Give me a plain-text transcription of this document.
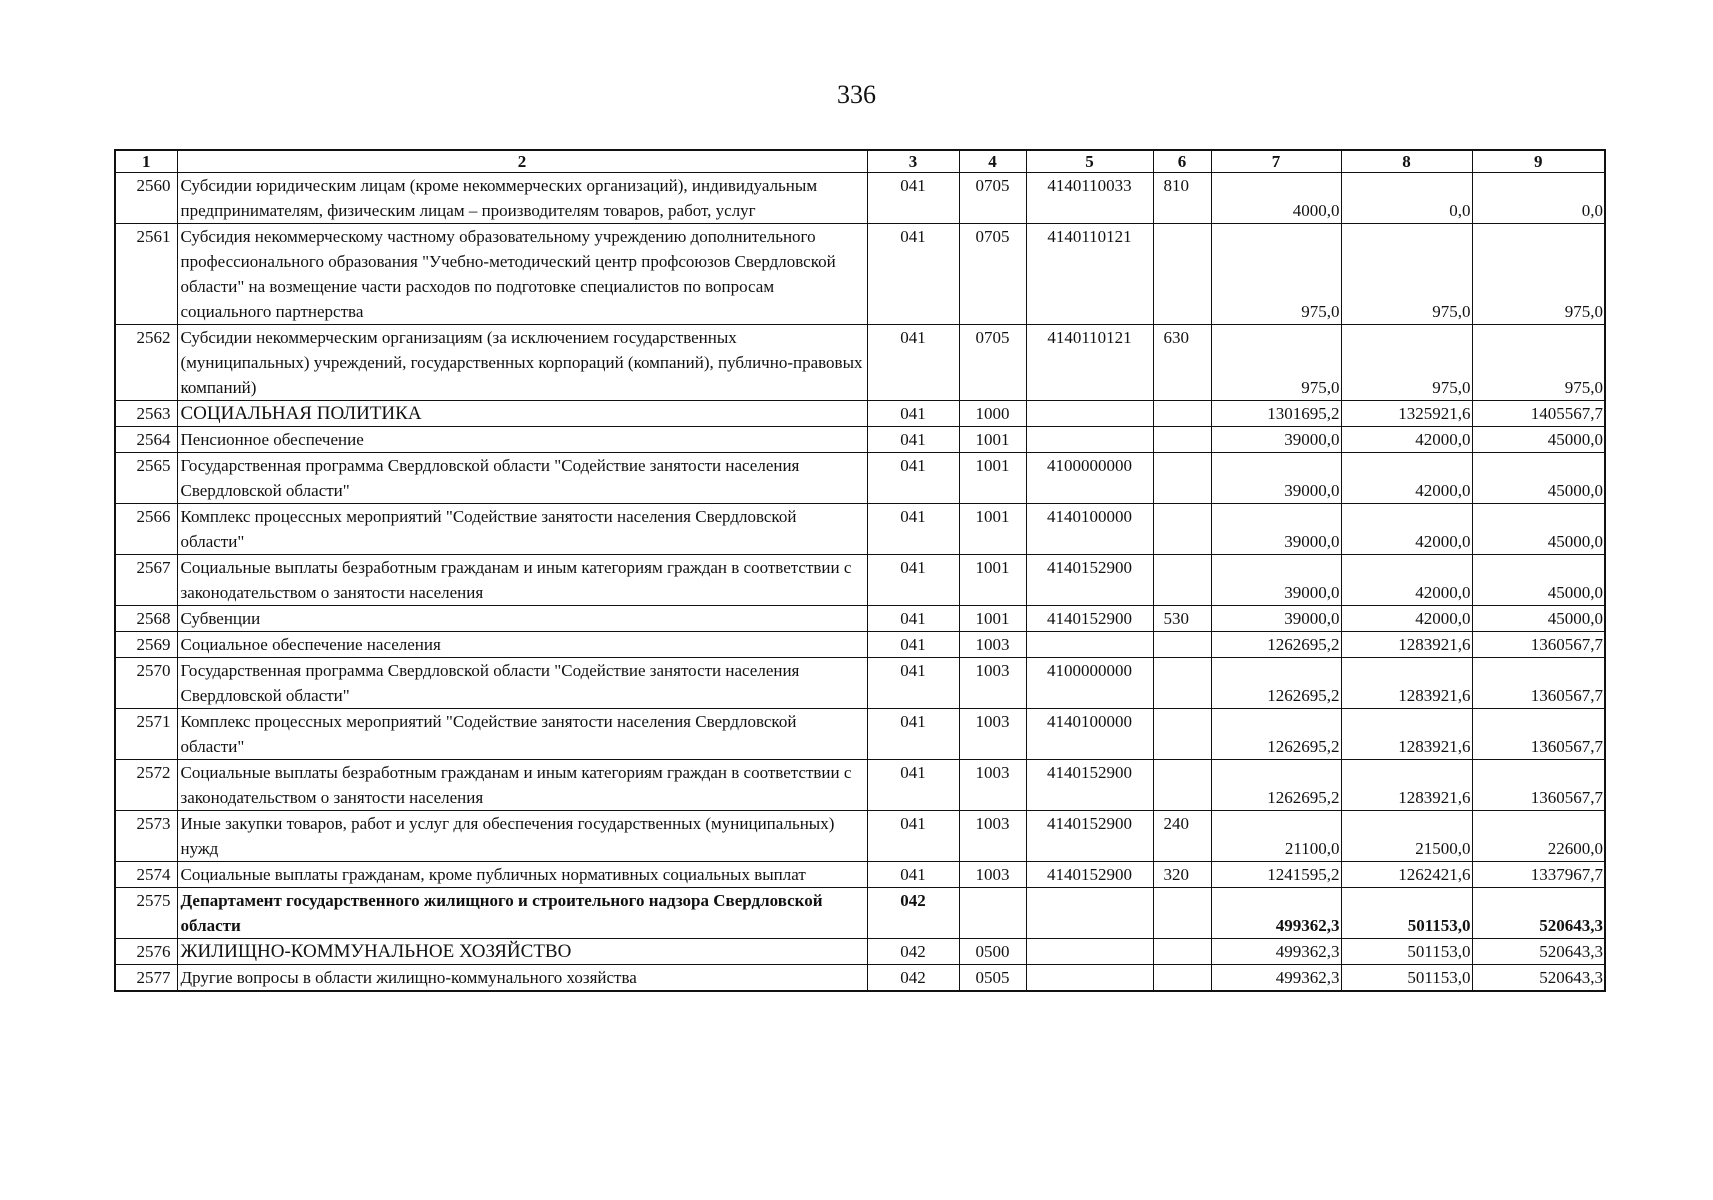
336
1	2	3	4	5	6	7	8	9
2560	Субсидии юридическим лицам (кроме некоммерческих организаций), индивидуальным предпринимателям, физическим лицам – производителям товаров, работ, услуг	041	0705	4140110033	810	4000,0	0,0	0,0
2561	Субсидия некоммерческому частному образовательному учреждению дополнительного профессионального образования "Учебно-методический центр профсоюзов Свердловской области" на возмещение части расходов по подготовке специалистов по вопросам социального партнерства	041	0705	4140110121		975,0	975,0	975,0
2562	Субсидии некоммерческим организациям (за исключением государственных (муниципальных) учреждений, государственных корпораций (компаний), публично-правовых компаний)	041	0705	4140110121	630	975,0	975,0	975,0
2563	СОЦИАЛЬНАЯ ПОЛИТИКА	041	1000			1301695,2	1325921,6	1405567,7
2564	Пенсионное обеспечение	041	1001			39000,0	42000,0	45000,0
2565	Государственная программа Свердловской области "Содействие занятости населения Свердловской области"	041	1001	4100000000		39000,0	42000,0	45000,0
2566	Комплекс процессных мероприятий "Содействие занятости населения Свердловской области"	041	1001	4140100000		39000,0	42000,0	45000,0
2567	Социальные выплаты безработным гражданам и иным категориям граждан в соответствии с законодательством о занятости населения	041	1001	4140152900		39000,0	42000,0	45000,0
2568	Субвенции	041	1001	4140152900	530	39000,0	42000,0	45000,0
2569	Социальное обеспечение населения	041	1003			1262695,2	1283921,6	1360567,7
2570	Государственная программа Свердловской области "Содействие занятости населения Свердловской области"	041	1003	4100000000		1262695,2	1283921,6	1360567,7
2571	Комплекс процессных мероприятий "Содействие занятости населения Свердловской области"	041	1003	4140100000		1262695,2	1283921,6	1360567,7
2572	Социальные выплаты безработным гражданам и иным категориям граждан в соответствии с законодательством о занятости населения	041	1003	4140152900		1262695,2	1283921,6	1360567,7
2573	Иные закупки товаров, работ и услуг для обеспечения государственных (муниципальных) нужд	041	1003	4140152900	240	21100,0	21500,0	22600,0
2574	Социальные выплаты гражданам, кроме публичных нормативных социальных выплат	041	1003	4140152900	320	1241595,2	1262421,6	1337967,7
2575	Департамент государственного жилищного и строительного надзора Свердловской области	042				499362,3	501153,0	520643,3
2576	ЖИЛИЩНО-КОММУНАЛЬНОЕ ХОЗЯЙСТВО	042	0500			499362,3	501153,0	520643,3
2577	Другие вопросы в области жилищно-коммунального хозяйства	042	0505			499362,3	501153,0	520643,3
